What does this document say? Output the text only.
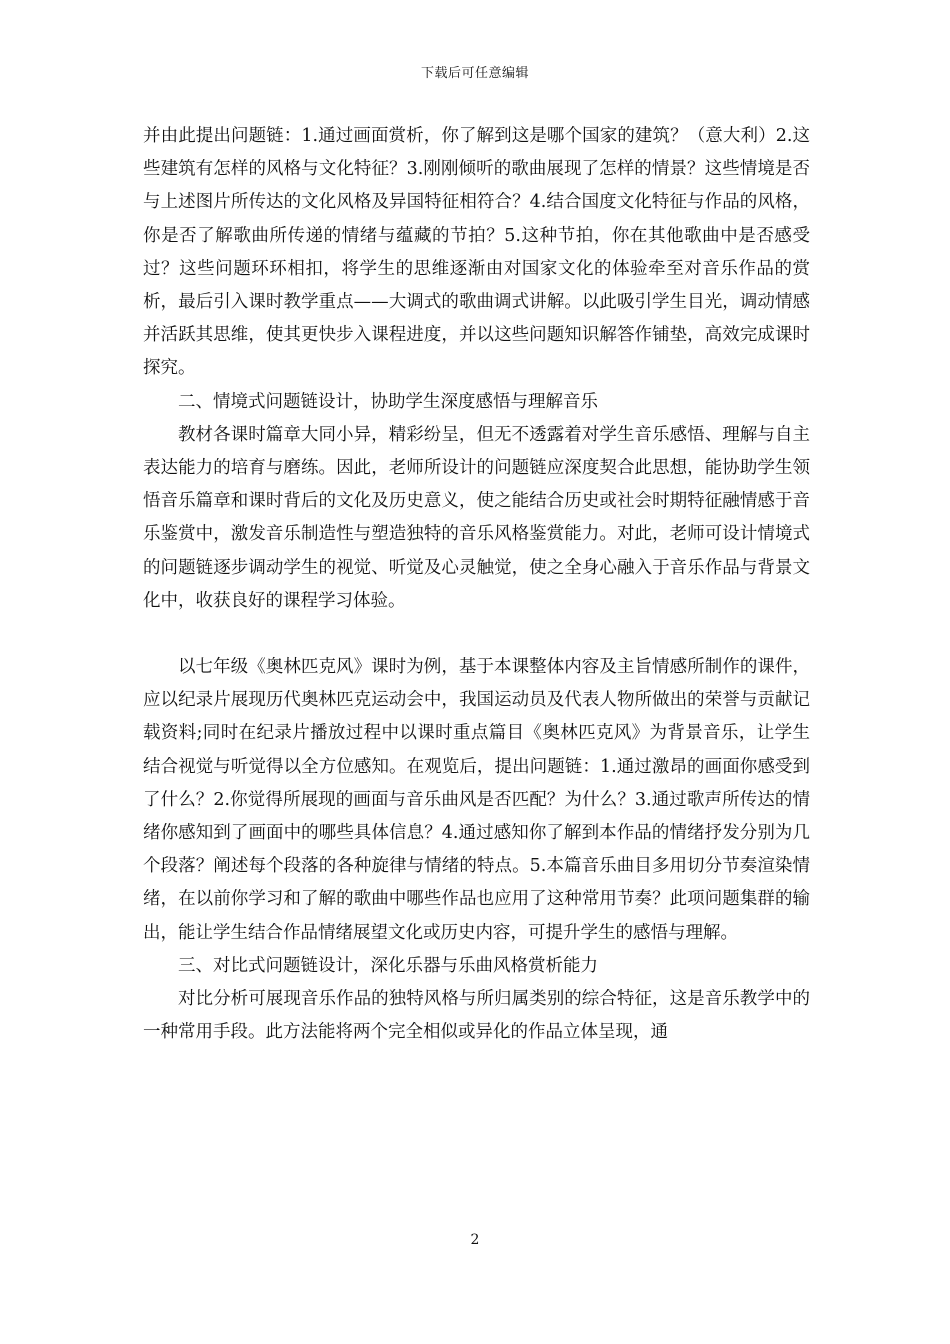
下载后可任意编辑

并由此提出问题链：1.通过画面赏析，你了解到这是哪个国家的建筑？（意大利）2.这些建筑有怎样的风格与文化特征？3.刚刚倾听的歌曲展现了怎样的情景？这些情境是否与上述图片所传达的文化风格及异国特征相符合？4.结合国度文化特征与作品的风格，你是否了解歌曲所传递的情绪与蕴藏的节拍？5.这种节拍，你在其他歌曲中是否感受过？这些问题环环相扣，将学生的思维逐渐由对国家文化的体验牵至对音乐作品的赏析，最后引入课时教学重点——大调式的歌曲调式讲解。以此吸引学生目光，调动情感并活跃其思维，使其更快步入课程进度，并以这些问题知识解答作铺垫，高效完成课时探究。

二、情境式问题链设计，协助学生深度感悟与理解音乐

教材各课时篇章大同小异，精彩纷呈，但无不透露着对学生音乐感悟、理解与自主表达能力的培育与磨练。因此，老师所设计的问题链应深度契合此思想，能协助学生领悟音乐篇章和课时背后的文化及历史意义，使之能结合历史或社会时期特征融情感于音乐鉴赏中，激发音乐制造性与塑造独特的音乐风格鉴赏能力。对此，老师可设计情境式的问题链逐步调动学生的视觉、听觉及心灵触觉，使之全身心融入于音乐作品与背景文化中，收获良好的课程学习体验。

以七年级《奥林匹克风》课时为例，基于本课整体内容及主旨情感所制作的课件，应以纪录片展现历代奥林匹克运动会中，我国运动员及代表人物所做出的荣誉与贡献记载资料;同时在纪录片播放过程中以课时重点篇目《奥林匹克风》为背景音乐，让学生结合视觉与听觉得以全方位感知。在观览后，提出问题链：1.通过激昂的画面你感受到了什么？2.你觉得所展现的画面与音乐曲风是否匹配？为什么？3.通过歌声所传达的情绪你感知到了画面中的哪些具体信息？4.通过感知你了解到本作品的情绪抒发分别为几个段落？阐述每个段落的各种旋律与情绪的特点。5.本篇音乐曲目多用切分节奏渲染情绪，在以前你学习和了解的歌曲中哪些作品也应用了这种常用节奏？此项问题集群的输出，能让学生结合作品情绪展望文化或历史内容，可提升学生的感悟与理解。

三、对比式问题链设计，深化乐器与乐曲风格赏析能力

对比分析可展现音乐作品的独特风格与所归属类别的综合特征，这是音乐教学中的一种常用手段。此方法能将两个完全相似或异化的作品立体呈现，通

2
